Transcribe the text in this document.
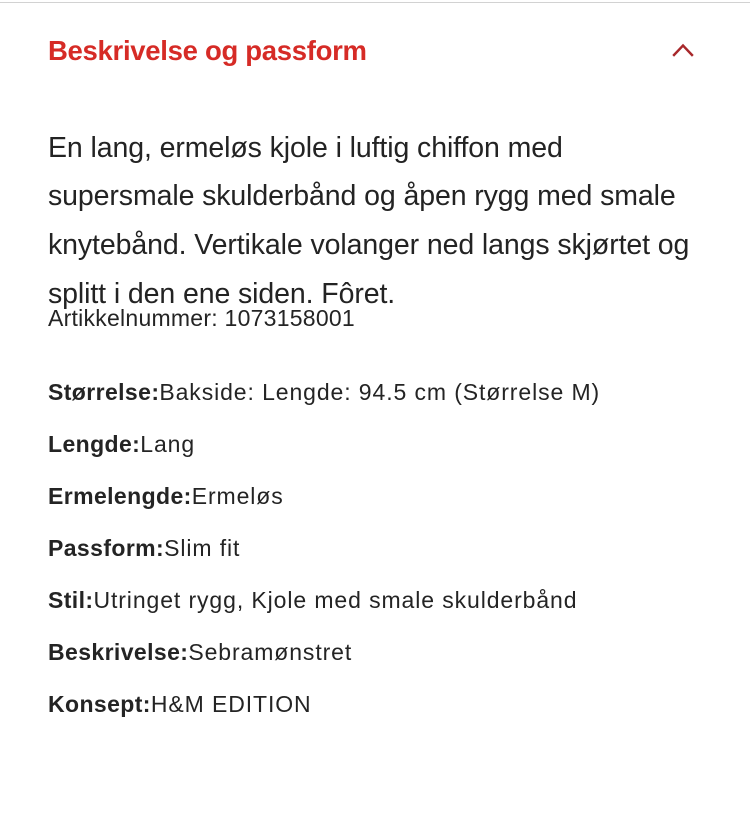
Beskrivelse og passform

En lang, ermeløs kjole i luftig chiffon med supersmale skulderbånd og åpen rygg med smale knytebånd. Vertikale volanger ned langs skjørtet og splitt i den ene siden. Fôret.

Artikkelnummer: 1073158001
Størrelse:Bakside: Lengde: 94.5 cm (Størrelse M)
Lengde:Lang
Ermelengde:Ermeløs
Passform:Slim fit
Stil:Utringet rygg, Kjole med smale skulderbånd
Beskrivelse:Sebramønstret
Konsept:H&M EDITION
